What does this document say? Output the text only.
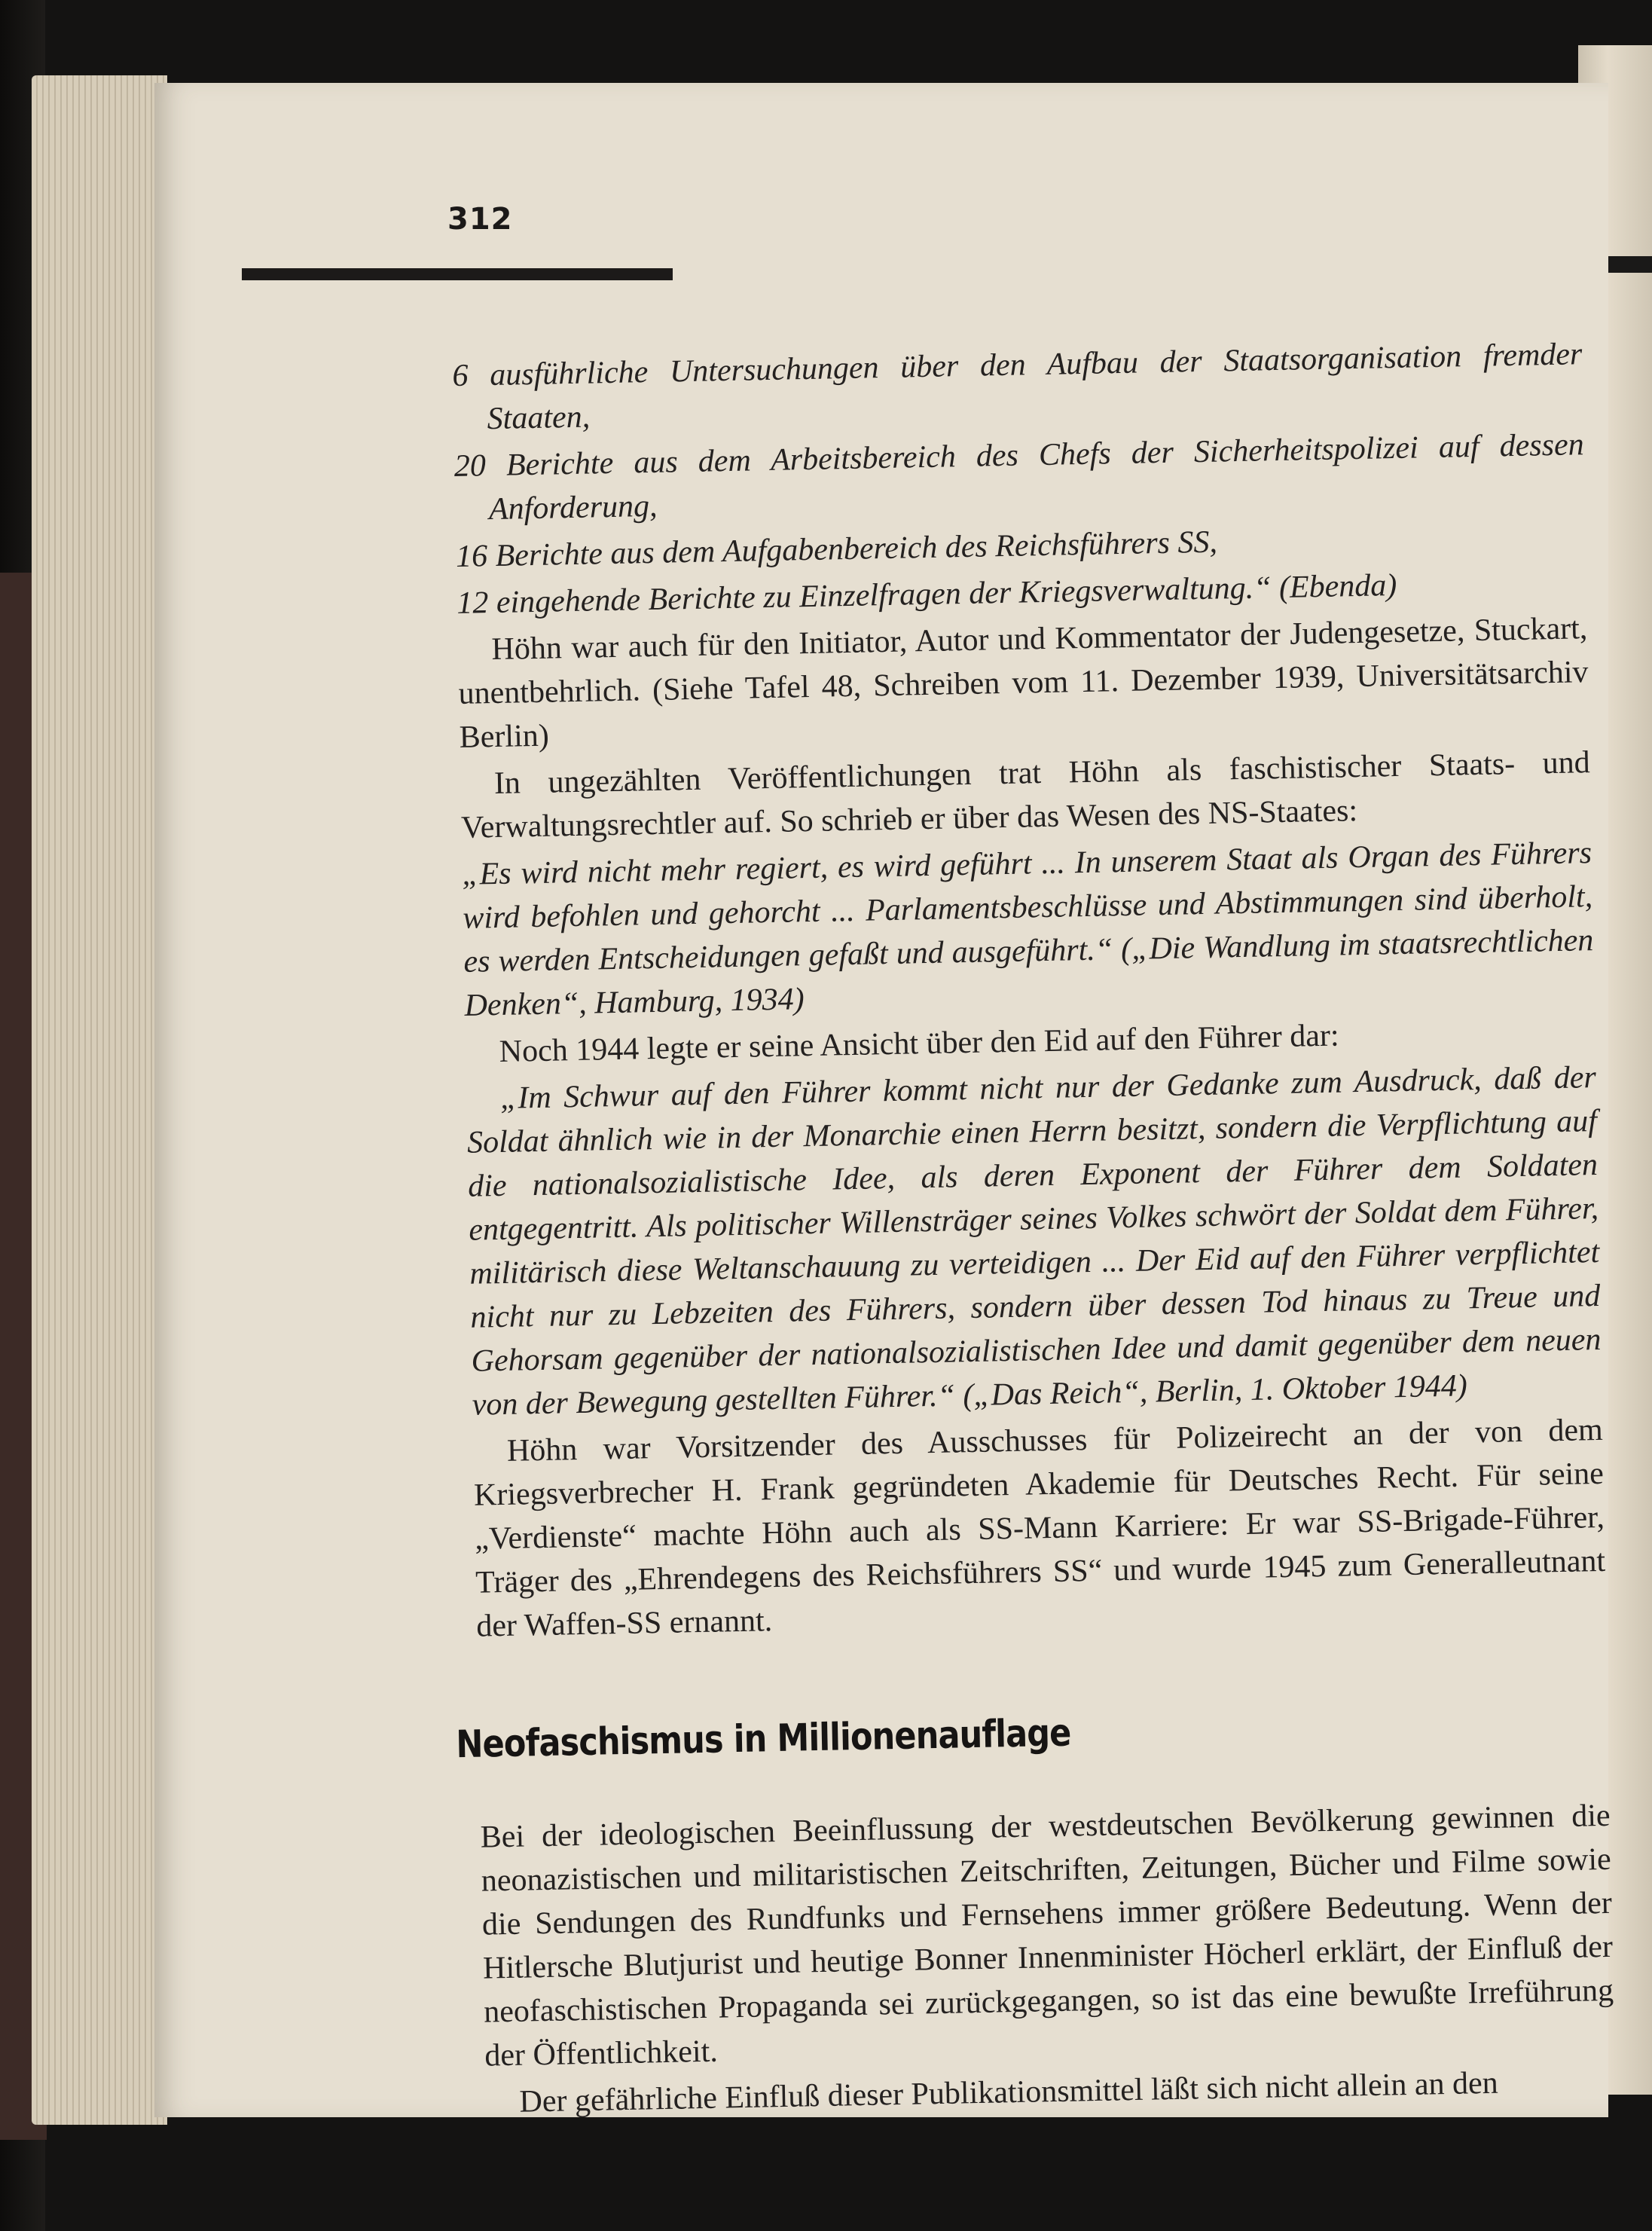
312

6 ausführliche Untersuchungen über den Aufbau der Staatsorganisation fremder Staaten,

20 Berichte aus dem Arbeitsbereich des Chefs der Sicherheitspolizei auf dessen Anforderung,

16 Berichte aus dem Aufgabenbereich des Reichsführers SS,

12 eingehende Berichte zu Einzelfragen der Kriegsverwaltung.“ (Ebenda)

Höhn war auch für den Initiator, Autor und Kommentator der Judengesetze, Stuckart, unentbehrlich. (Siehe Tafel 48, Schreiben vom 11. Dezember 1939, Universitätsarchiv Berlin)

In ungezählten Veröffentlichungen trat Höhn als faschistischer Staats- und Verwaltungsrechtler auf. So schrieb er über das Wesen des NS-Staates:

„Es wird nicht mehr regiert, es wird geführt ... In unserem Staat als Organ des Führers wird befohlen und gehorcht ... Parlamentsbeschlüsse und Abstimmungen sind überholt, es werden Entscheidungen gefaßt und ausgeführt.“ („Die Wandlung im staatsrechtlichen Denken“, Hamburg, 1934)

Noch 1944 legte er seine Ansicht über den Eid auf den Führer dar:

„Im Schwur auf den Führer kommt nicht nur der Gedanke zum Ausdruck, daß der Soldat ähnlich wie in der Monarchie einen Herrn besitzt, sondern die Verpflichtung auf die nationalsozialistische Idee, als deren Exponent der Führer dem Soldaten entgegentritt. Als politischer Willensträger seines Volkes schwört der Soldat dem Führer, militärisch diese Weltanschauung zu verteidigen ... Der Eid auf den Führer verpflichtet nicht nur zu Lebzeiten des Führers, sondern über dessen Tod hinaus zu Treue und Gehorsam gegenüber der nationalsozialistischen Idee und damit gegenüber dem neuen von der Bewegung gestellten Führer.“ („Das Reich“, Berlin, 1. Oktober 1944)

Höhn war Vorsitzender des Ausschusses für Polizeirecht an der von dem Kriegsverbrecher H. Frank gegründeten Akademie für Deutsches Recht. Für seine „Verdienste“ machte Höhn auch als SS-Mann Karriere: Er war SS-Brigade-Führer, Träger des „Ehrendegens des Reichsführers SS“ und wurde 1945 zum Generalleutnant der Waffen-SS ernannt.

Neofaschismus in Millionenauflage

Bei der ideologischen Beeinflussung der westdeutschen Bevölkerung gewinnen die neonazistischen und militaristischen Zeitschriften, Zeitungen, Bücher und Filme sowie die Sendungen des Rundfunks und Fernsehens immer größere Bedeutung. Wenn der Hitlersche Blutjurist und heutige Bonner Innenminister Höcherl erklärt, der Einfluß der neofaschistischen Propaganda sei zurückgegangen, so ist das eine bewußte Irreführung der Öffentlichkeit.

Der gefährliche Einfluß dieser Publikationsmittel läßt sich nicht allein an den
